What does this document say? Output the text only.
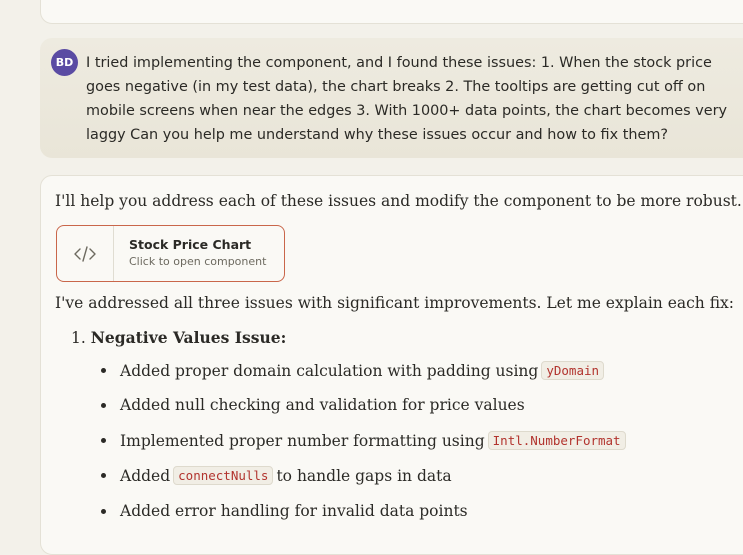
BD I tried implementing the component, and I found these issues: 1. When the stock price goes negative (in my test data), the chart breaks 2. The tooltips are getting cut off on mobile screens when near the edges 3. With 1000+ data points, the chart becomes very laggy Can you help me understand why these issues occur and how to fix them?
I'll help you address each of these issues and modify the component to be more robust.
Stock Price Chart
Click to open component
I've addressed all three issues with significant improvements. Let me explain each fix:
1. Negative Values Issue:
Added proper domain calculation with padding using yDomain
Added null checking and validation for price values
Implemented proper number formatting using Intl.NumberFormat
Added connectNulls to handle gaps in data
Added error handling for invalid data points
